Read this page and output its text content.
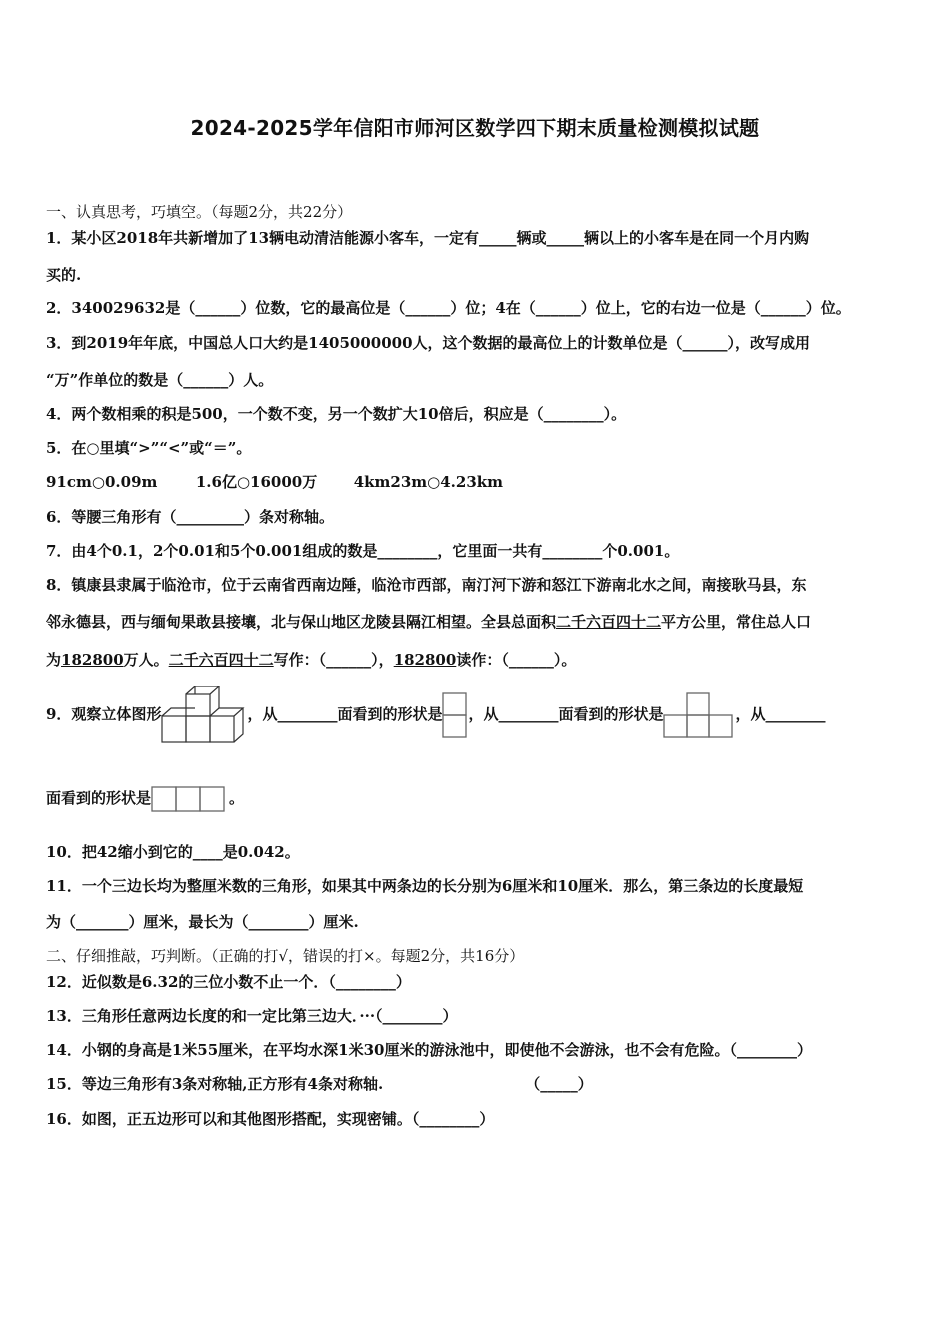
2024-2025学年信阳市师河区数学四下期末质量检测模拟试题
一、认真思考，巧填空。（每题2分，共22分）
1．某小区2018年共新增加了13辆电动清洁能源小客车，一定有_____辆或_____辆以上的小客车是在同一个月内购
买的.
2．340029632是（______）位数，它的最高位是（______）位；4在（______）位上，它的右边一位是（______）位。
3．到2019年年底，中国总人口大约是1405000000人，这个数据的最高位上的计数单位是（______），改写成用
“万”作单位的数是（______）人。
4．两个数相乘的积是500，一个数不变，另一个数扩大10倍后，积应是（________）。
5．在○里填“>”“<”或“＝”。
91cm○0.09m	1.6亿○16000万 4km23m○4.23km
6．等腰三角形有（_________）条对称轴。
7．由4个0.1，2个0.01和5个0.001组成的数是________，它里面一共有________个0.001。
8．镇康县隶属于临沧市，位于云南省西南边陲，临沧市西部，南汀河下游和怒江下游南北水之间，南接耿马县，东
邻永德县，西与缅甸果敢县接壤，北与保山地区龙陵县隔江相望。全县总面积二千六百四十二平方公里，常住总人口
为182800万人。二千六百四十二写作：（______），182800读作：（______）。
9．观察立体图形	，从________面看到的形状是 ，从________面看到的形状是	，从________
面看到的形状是	。
10．把42缩小到它的____是0.042。
11．一个三边长均为整厘米数的三角形，如果其中两条边的长分别为6厘米和10厘米．那么，第三条边的长度最短
为（_______）厘米，最长为（________）厘米.
二、仔细推敲，巧判断。（正确的打√，错误的打×。每题2分，共16分）
12．近似数是6.32的三位小数不止一个．（________）
13．三角形任意两边长度的和一定比第三边大．···（________）
14．小钢的身高是1米55厘米，在平均水深1米30厘米的游泳池中，即使他不会游泳，也不会有危险。（________）
15．等边三角形有3条对称轴,正方形有4条对称轴.	（_____）
16．如图，正五边形可以和其他图形搭配，实现密铺。（________）
